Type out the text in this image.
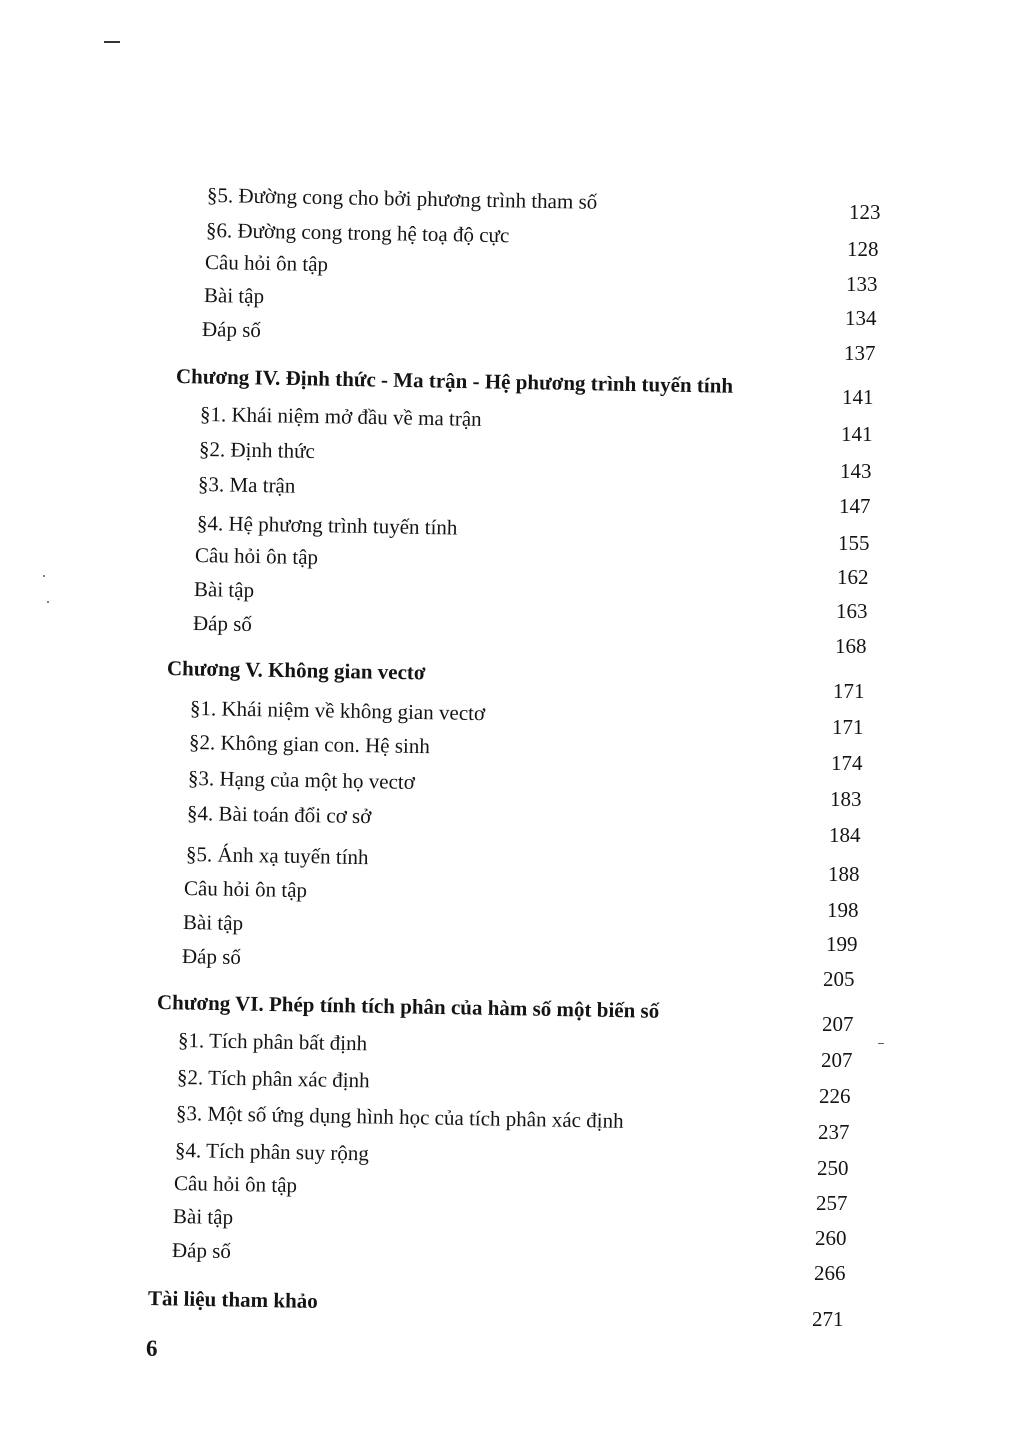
§5. Đường cong cho bởi phương trình tham số
§6. Đường cong trong hệ toạ độ cực
Câu hỏi ôn tập
Bài tập
Đáp số
Chương IV. Định thức - Ma trận - Hệ phương trình tuyến tính
§1. Khái niệm mở đầu về ma trận
§2. Định thức
§3. Ma trận
§4. Hệ phương trình tuyến tính
Câu hỏi ôn tập
Bài tập
Đáp số
Chương V. Không gian vectơ
§1. Khái niệm về không gian vectơ
§2. Không gian con. Hệ sinh
§3. Hạng của một họ vectơ
§4. Bài toán đổi cơ sở
§5. Ánh xạ tuyến tính
Câu hỏi ôn tập
Bài tập
Đáp số
Chương VI. Phép tính tích phân của hàm số một biến số
§1. Tích phân bất định
§2. Tích phân xác định
§3. Một số ứng dụng hình học của tích phân xác định
§4. Tích phân suy rộng
Câu hỏi ôn tập
Bài tập
Đáp số
Tài liệu tham khảo
123
128
133
134
137
141
141
143
147
155
162
163
168
171
171
174
183
184
188
198
199
205
207
207
226
237
250
257
260
266
271
6
